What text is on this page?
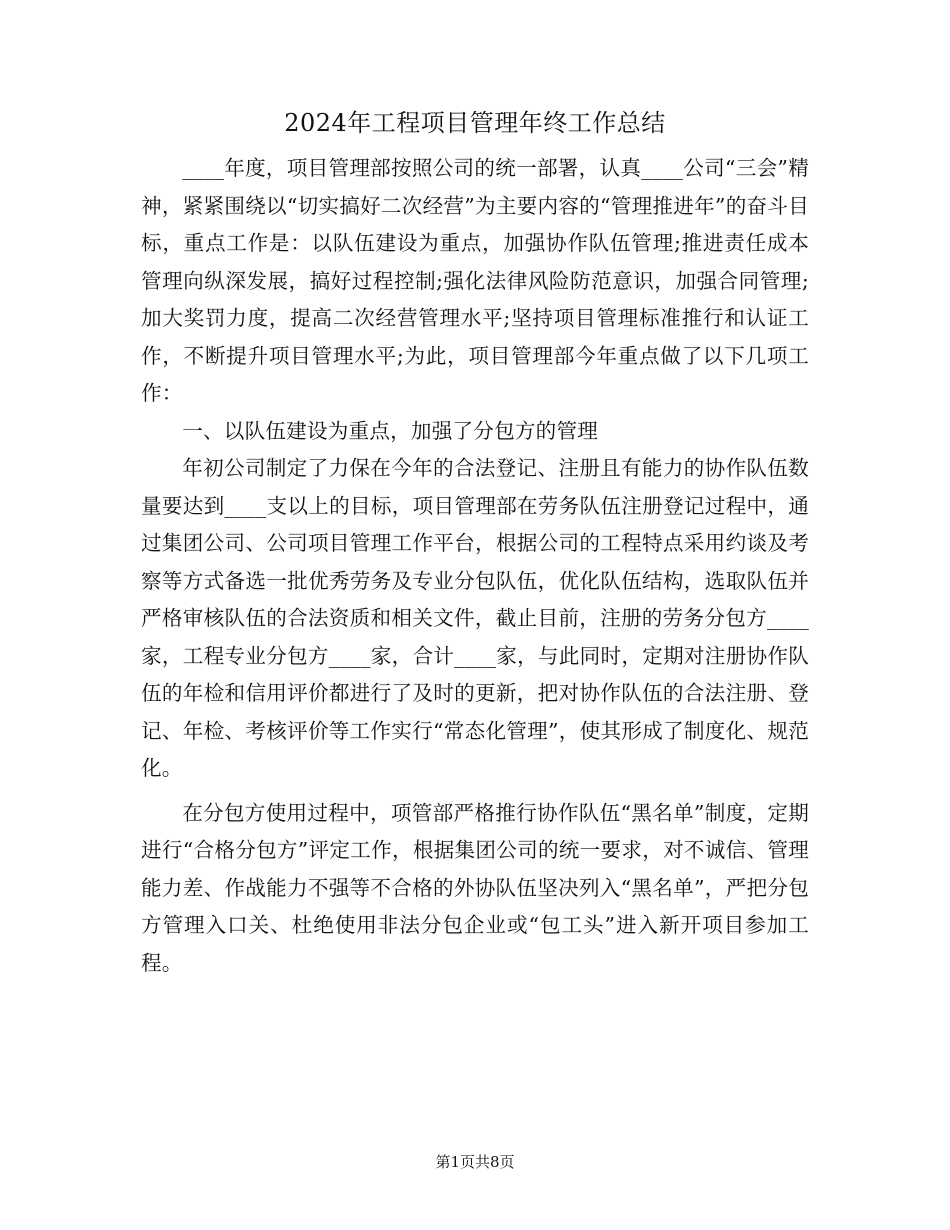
2024年工程项目管理年终工作总结

____年度，项目管理部按照公司的统一部署，认真____公司“三会”精神，紧紧围绕以“切实搞好二次经营”为主要内容的“管理推进年”的奋斗目标，重点工作是：以队伍建设为重点，加强协作队伍管理;推进责任成本管理向纵深发展，搞好过程控制;强化法律风险防范意识，加强合同管理;加大奖罚力度，提高二次经营管理水平;坚持项目管理标准推行和认证工作，不断提升项目管理水平;为此，项目管理部今年重点做了以下几项工作：

一、以队伍建设为重点，加强了分包方的管理

年初公司制定了力保在今年的合法登记、注册且有能力的协作队伍数量要达到____支以上的目标，项目管理部在劳务队伍注册登记过程中，通过集团公司、公司项目管理工作平台，根据公司的工程特点采用约谈及考察等方式备选一批优秀劳务及专业分包队伍，优化队伍结构，选取队伍并严格审核队伍的合法资质和相关文件，截止目前，注册的劳务分包方____家，工程专业分包方____家，合计____家，与此同时，定期对注册协作队伍的年检和信用评价都进行了及时的更新，把对协作队伍的合法注册、登记、年检、考核评价等工作实行“常态化管理”，使其形成了制度化、规范化。

在分包方使用过程中，项管部严格推行协作队伍“黑名单”制度，定期进行“合格分包方”评定工作，根据集团公司的统一要求，对不诚信、管理能力差、作战能力不强等不合格的外协队伍坚决列入“黑名单”，严把分包方管理入口关、杜绝使用非法分包企业或“包工头”进入新开项目参加工程。

第1页共8页
